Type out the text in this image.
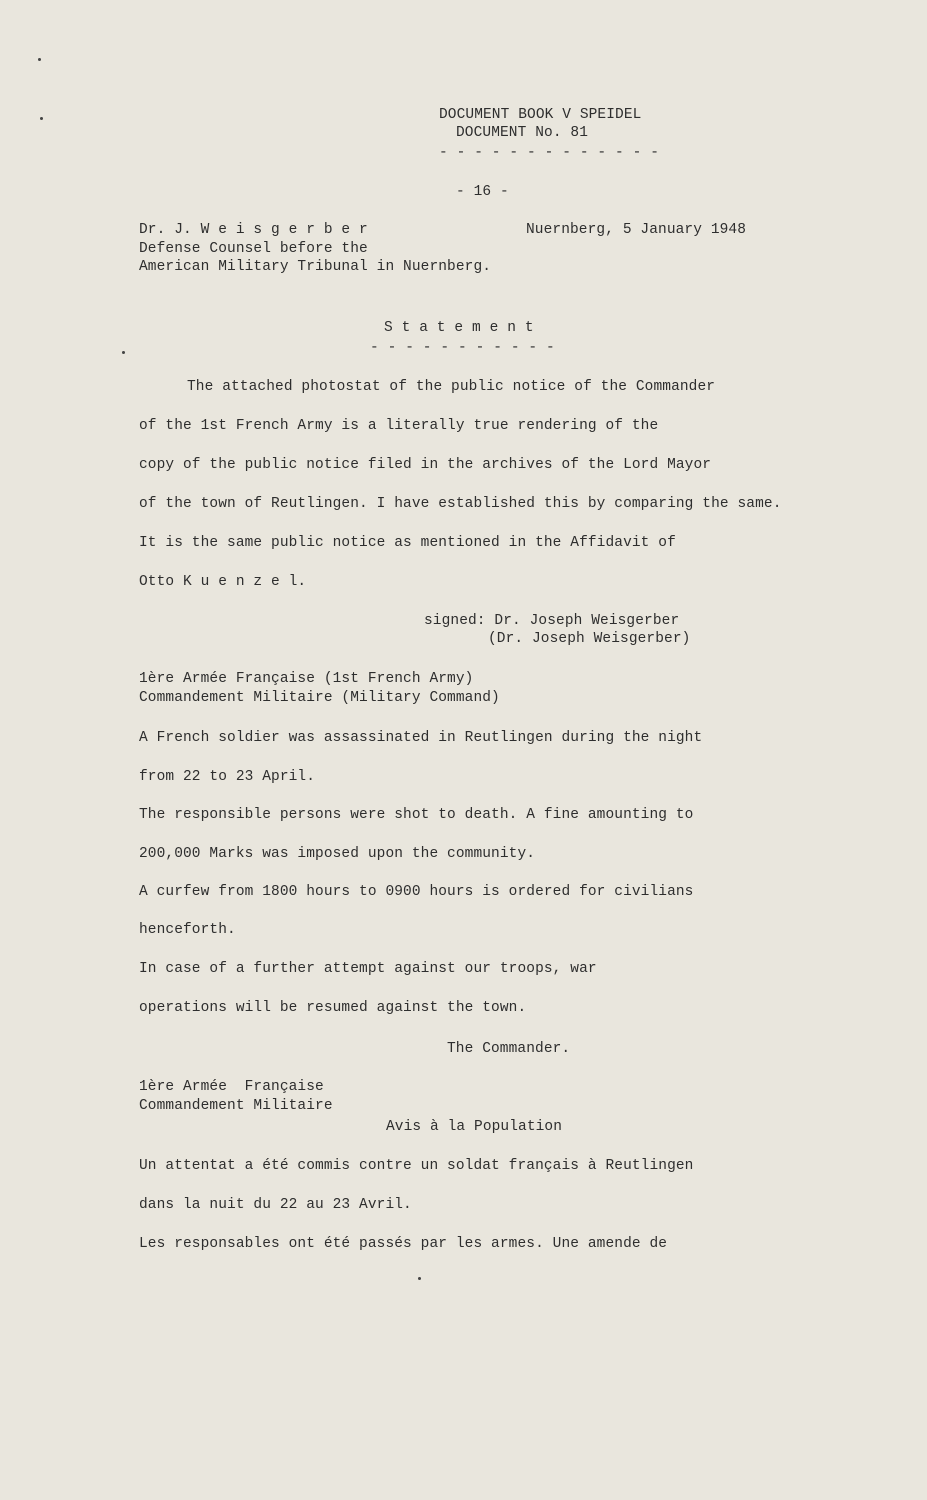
DOCUMENT BOOK V SPEIDEL
DOCUMENT No. 81
- - - - - - - - - - - - -
- 16 -
Dr. J. W e i s g e r b e r	Nuernberg, 5 January 1948
Defense Counsel before the
American Military Tribunal in Nuernberg.
S t a t e m e n t
- - - - - - - - - - -
The attached photostat of the public notice of the Commander
of the 1st French Army is a literally true rendering of the
copy of the public notice filed in the archives of the Lord Mayor
of the town of Reutlingen. I have established this by comparing the same.
It is the same public notice as mentioned in the Affidavit of
Otto K u e n z e l.
signed: Dr. Joseph Weisgerber
(Dr. Joseph Weisgerber)
1ère Armée Française (1st French Army)
Commandement Militaire (Military Command)
A French soldier was assassinated in Reutlingen during the night
from 22 to 23 April.
The responsible persons were shot to death. A fine amounting to
200,000 Marks was imposed upon the community.
A curfew from 1800 hours to 0900 hours is ordered for civilians
henceforth.
In case of a further attempt against our troops, war
operations will be resumed against the town.
The Commander.
1ère Armée  Française
Commandement Militaire
Avis à la Population
Un attentat a été commis contre un soldat français à Reutlingen
dans la nuit du 22 au 23 Avril.
Les responsables ont été passés par les armes. Une amende de
